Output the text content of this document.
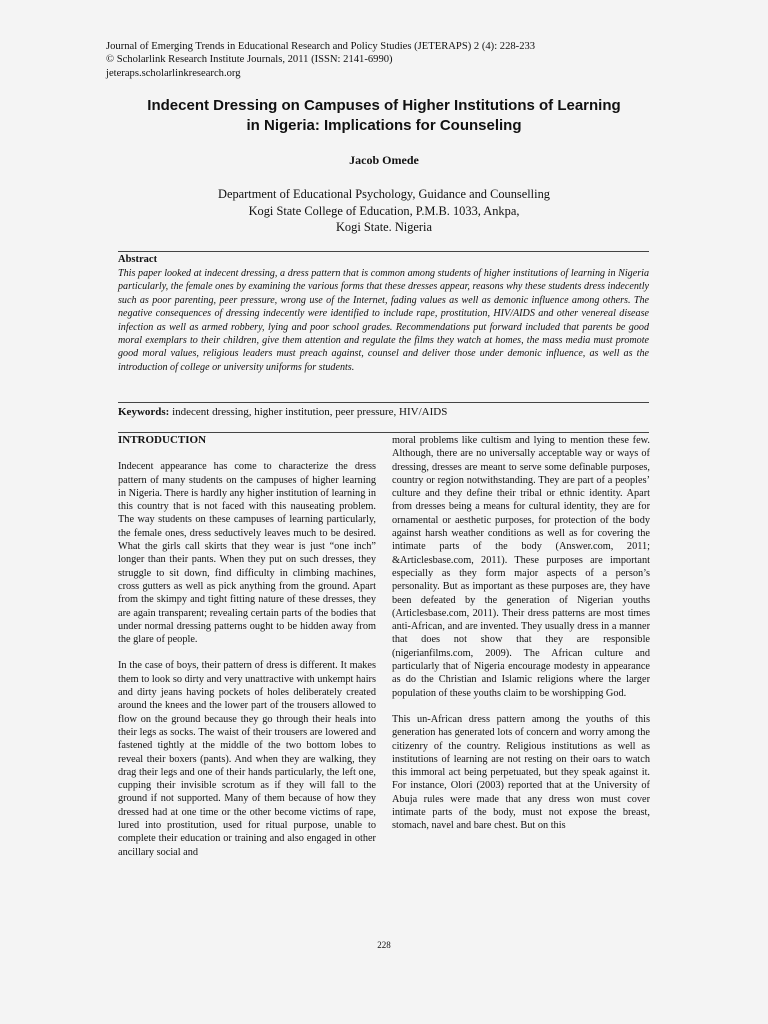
Journal of Emerging Trends in Educational Research and Policy Studies (JETERAPS) 2 (4): 228-233
© Scholarlink Research Institute Journals, 2011 (ISSN: 2141-6990)
jeteraps.scholarlinkresearch.org
Indecent Dressing on Campuses of Higher Institutions of Learning
in Nigeria: Implications for Counseling
Jacob Omede
Department of Educational Psychology, Guidance and Counselling
Kogi State College of Education, P.M.B. 1033, Ankpa,
Kogi State. Nigeria
Abstract
This paper looked at indecent dressing, a dress pattern that is common among students of higher institutions of learning in Nigeria particularly, the female ones by examining the various forms that these dresses appear, reasons why these students dress indecently such as poor parenting, peer pressure, wrong use of the Internet, fading values as well as demonic influence among others. The negative consequences of dressing indecently were identified to include rape, prostitution, HIV/AIDS and other venereal disease infection as well as armed robbery, lying and poor school grades. Recommendations put forward included that parents be good moral exemplars to their children, give them attention and regulate the films they watch at homes, the mass media must promote good moral values, religious leaders must preach against, counsel and deliver those under demonic influence, as well as the introduction of college or university uniforms for students.
Keywords: indecent dressing, higher institution, peer pressure, HIV/AIDS

INTRODUCTION

Indecent appearance has come to characterize the dress pattern of many students on the campuses of higher learning in Nigeria. There is hardly any higher institution of learning in this country that is not faced with this nauseating problem. The way students on these campuses of learning particularly, the female ones, dress seductively leaves much to be desired. What the girls call skirts that they wear is just “one inch” longer than their pants. When they put on such dresses, they struggle to sit down, find difficulty in climbing machines, cross gutters as well as pick anything from the ground. Apart from the skimpy and tight fitting nature of these dresses, they are again transparent; revealing certain parts of the bodies that under normal dressing patterns ought to be hidden away from the glare of people.

In the case of boys, their pattern of dress is different. It makes them to look so dirty and very unattractive with unkempt hairs and dirty jeans having pockets of holes deliberately created around the knees and the lower part of the trousers allowed to flow on the ground because they go through their heals into their legs as socks. The waist of their trousers are lowered and fastened tightly at the middle of the two bottom lobes to reveal their boxers (pants). And when they are walking, they drag their legs and one of their hands particularly, the left one, cupping their invisible scrotum as if they will fall to the ground if not supported. Many of them because of how they dressed had at one time or the other become victims of rape, lured into prostitution, used for ritual purpose, unable to complete their education or training and also engaged in other ancillary social and

moral problems like cultism and lying to mention these few. Although, there are no universally acceptable way or ways of dressing, dresses are meant to serve some definable purposes, country or region notwithstanding. They are part of a peoples’ culture and they define their tribal or ethnic identity. Apart from dresses being a means for cultural identity, they are for ornamental or aesthetic purposes, for protection of the body against harsh weather conditions as well as for covering the intimate parts of the body (Answer.com, 2011; &Articlesbase.com, 2011). These purposes are important especially as they form major aspects of a person’s personality. But as important as these purposes are, they have been defeated by the generation of Nigerian youths (Articlesbase.com, 2011). Their dress patterns are most times anti-African, and are invented. They usually dress in a manner that does not show that they are responsible (nigerianfilms.com, 2009). The African culture and particularly that of Nigeria encourage modesty in appearance as do the Christian and Islamic religions where the larger population of these youths claim to be worshipping God.

This un-African dress pattern among the youths of this generation has generated lots of concern and worry among the citizenry of the country. Religious institutions as well as institutions of learning are not resting on their oars to watch this immoral act being perpetuated, but they speak against it. For instance, Olori (2003) reported that at the University of Abuja rules were made that any dress won must cover intimate parts of the body, must not expose the breast, stomach, navel and bare chest. But on this

228
